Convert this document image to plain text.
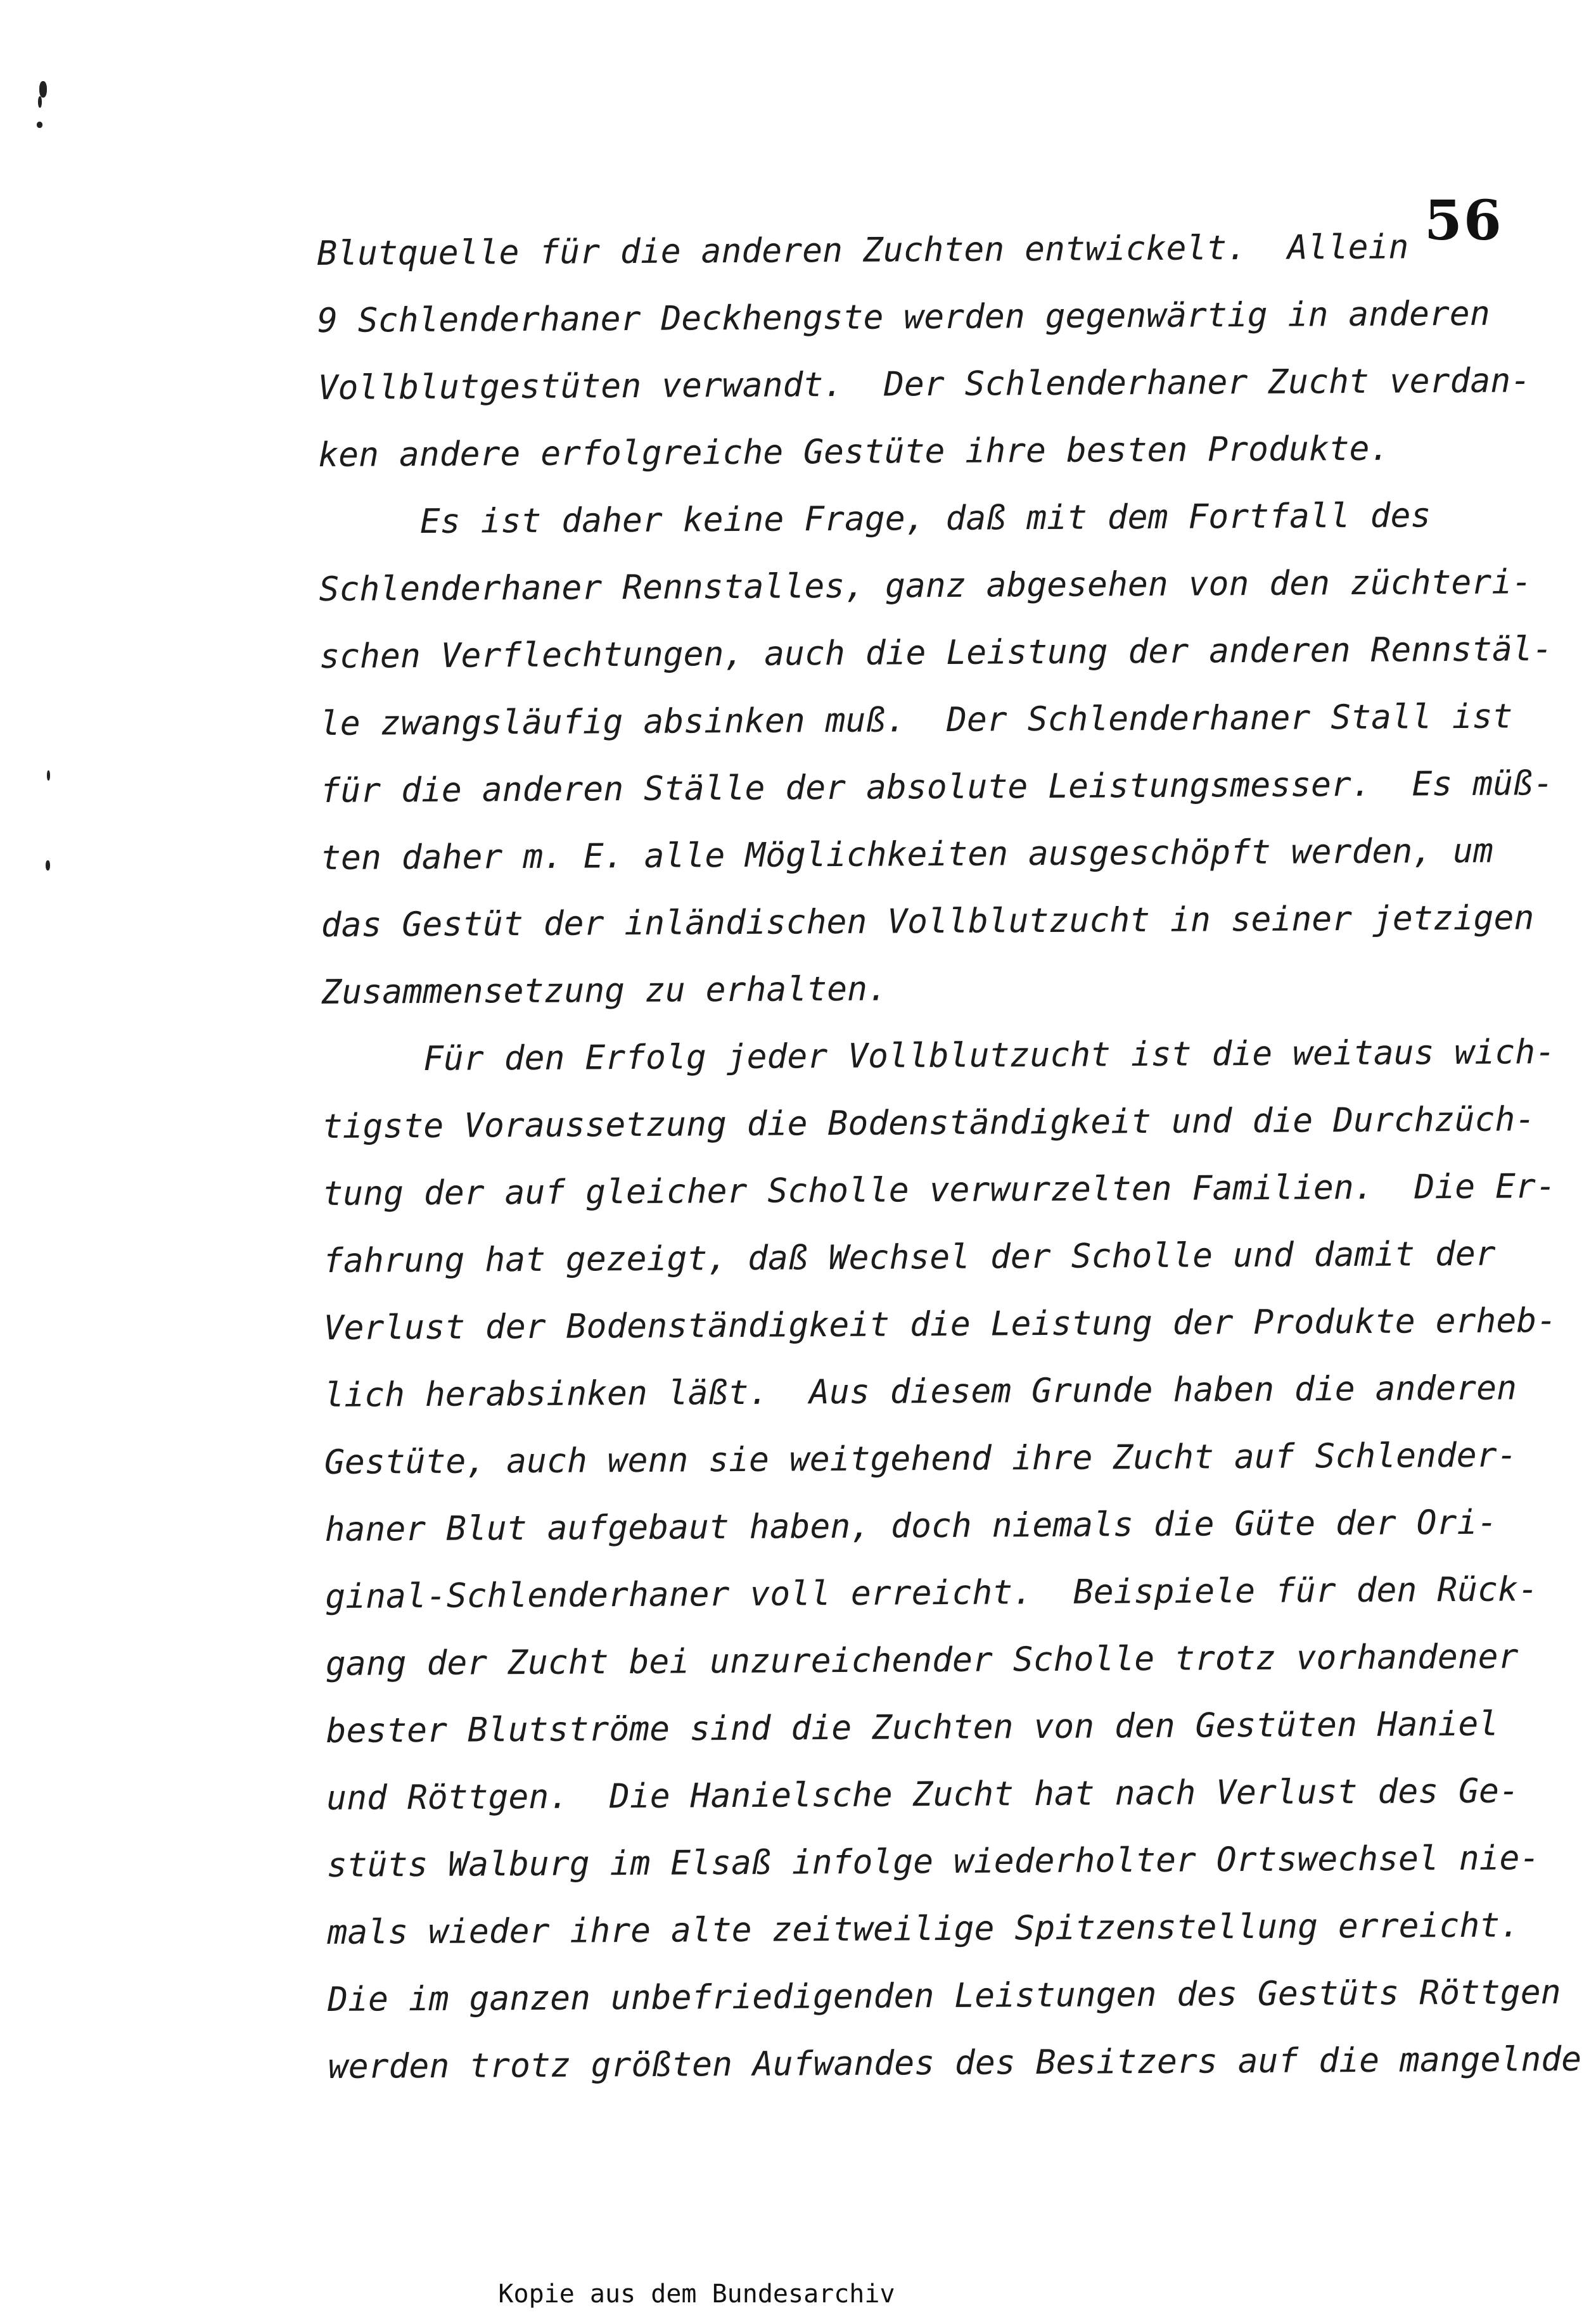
56
Blutquelle für die anderen Zuchten entwickelt.  Allein
9 Schlenderhaner Deckhengste werden gegenwärtig in anderen
Vollblutgestüten verwandt.  Der Schlenderhaner Zucht verdan-
ken andere erfolgreiche Gestüte ihre besten Produkte.
Es ist daher keine Frage, daß mit dem Fortfall des
Schlenderhaner Rennstalles, ganz abgesehen von den züchteri-
schen Verflechtungen, auch die Leistung der anderen Rennstäl-
le zwangsläufig absinken muß.  Der Schlenderhaner Stall ist
für die anderen Ställe der absolute Leistungsmesser.  Es müß-
ten daher m. E. alle Möglichkeiten ausgeschöpft werden, um
das Gestüt der inländischen Vollblutzucht in seiner jetzigen
Zusammensetzung zu erhalten.
Für den Erfolg jeder Vollblutzucht ist die weitaus wich-
tigste Voraussetzung die Bodenständigkeit und die Durchzüch-
tung der auf gleicher Scholle verwurzelten Familien.  Die Er-
fahrung hat gezeigt, daß Wechsel der Scholle und damit der
Verlust der Bodenständigkeit die Leistung der Produkte erheb-
lich herabsinken läßt.  Aus diesem Grunde haben die anderen
Gestüte, auch wenn sie weitgehend ihre Zucht auf Schlender-
haner Blut aufgebaut haben, doch niemals die Güte der Ori-
ginal-Schlenderhaner voll erreicht.  Beispiele für den Rück-
gang der Zucht bei unzureichender Scholle trotz vorhandener
bester Blutströme sind die Zuchten von den Gestüten Haniel
und Röttgen.  Die Hanielsche Zucht hat nach Verlust des Ge-
stüts Walburg im Elsaß infolge wiederholter Ortswechsel nie-
mals wieder ihre alte zeitweilige Spitzenstellung erreicht.
Die im ganzen unbefriedigenden Leistungen des Gestüts Röttgen
werden trotz größten Aufwandes des Besitzers auf die mangelnde
Kopie aus dem Bundesarchiv
